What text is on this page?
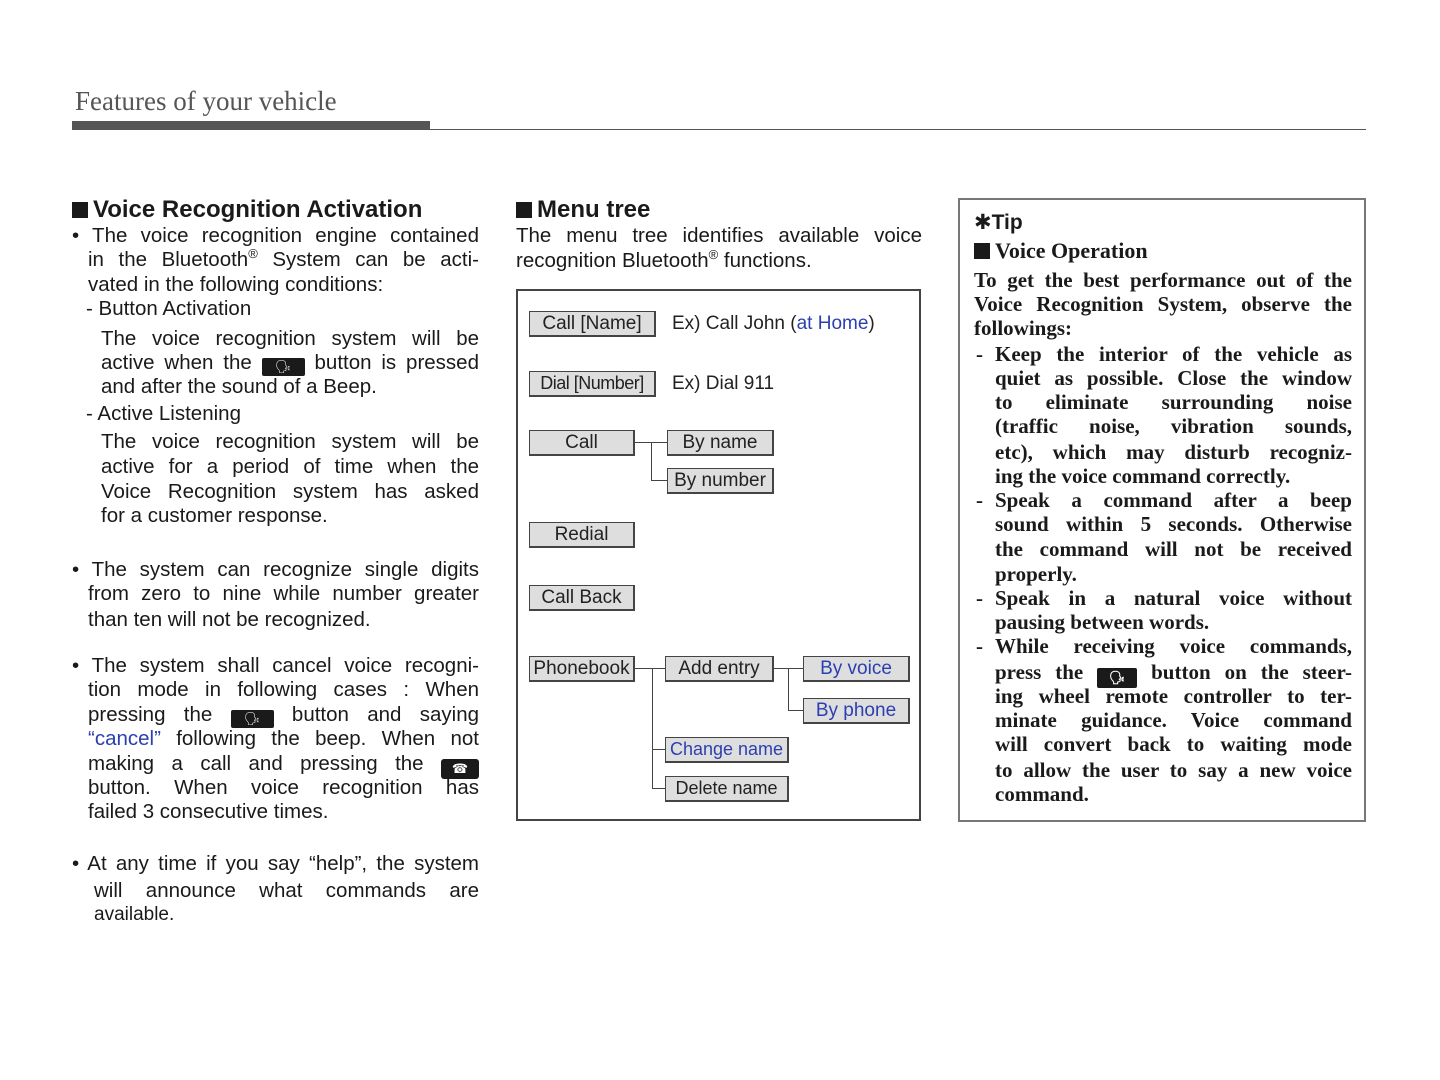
Features of your vehicle
Voice Recognition Activation
• The voice recognition engine contained
in the Bluetooth® System can be acti-
vated in the following conditions:
- Button Activation
The voice recognition system will be
active when the 🗣 button is pressed
and after the sound of a Beep.
- Active Listening
The voice recognition system will be
active for a period of time when the
Voice Recognition system has asked
for a customer response.
• The system can recognize single digits
from zero to nine while number greater
than ten will not be recognized.
• The system shall cancel voice recogni-
tion mode in following cases : When
pressing the 🗣 button and saying
“cancel” following the beep. When not
making a call and pressing the ☎
button. When voice recognition has
failed 3 consecutive times.
• At any time if you say “help”, the system
will announce what commands are
available.
Menu tree
The menu tree identifies available voice
recognition Bluetooth® functions.
Call [Name]	Ex) Call John (at Home)
Dial [Number]	Ex) Dial 911
Call	By name
By number
Redial
Call Back
Phonebook	Add entry	By voice
By phone
Change name
Delete name
✱Tip
Voice Operation
To get the best performance out of the
Voice Recognition System, observe the
followings:
- Keep the interior of the vehicle as
quiet as possible. Close the window
to eliminate surrounding noise
(traffic noise, vibration sounds,
etc), which may disturb recogniz-
ing the voice command correctly.
- Speak a command after a beep
sound within 5 seconds. Otherwise
the command will not be received
properly.
- Speak in a natural voice without
pausing between words.
- While receiving voice commands,
press the 🗣 button on the steer-
ing wheel remote controller to ter-
minate guidance. Voice command
will convert back to waiting mode
to allow the user to say a new voice
command.
